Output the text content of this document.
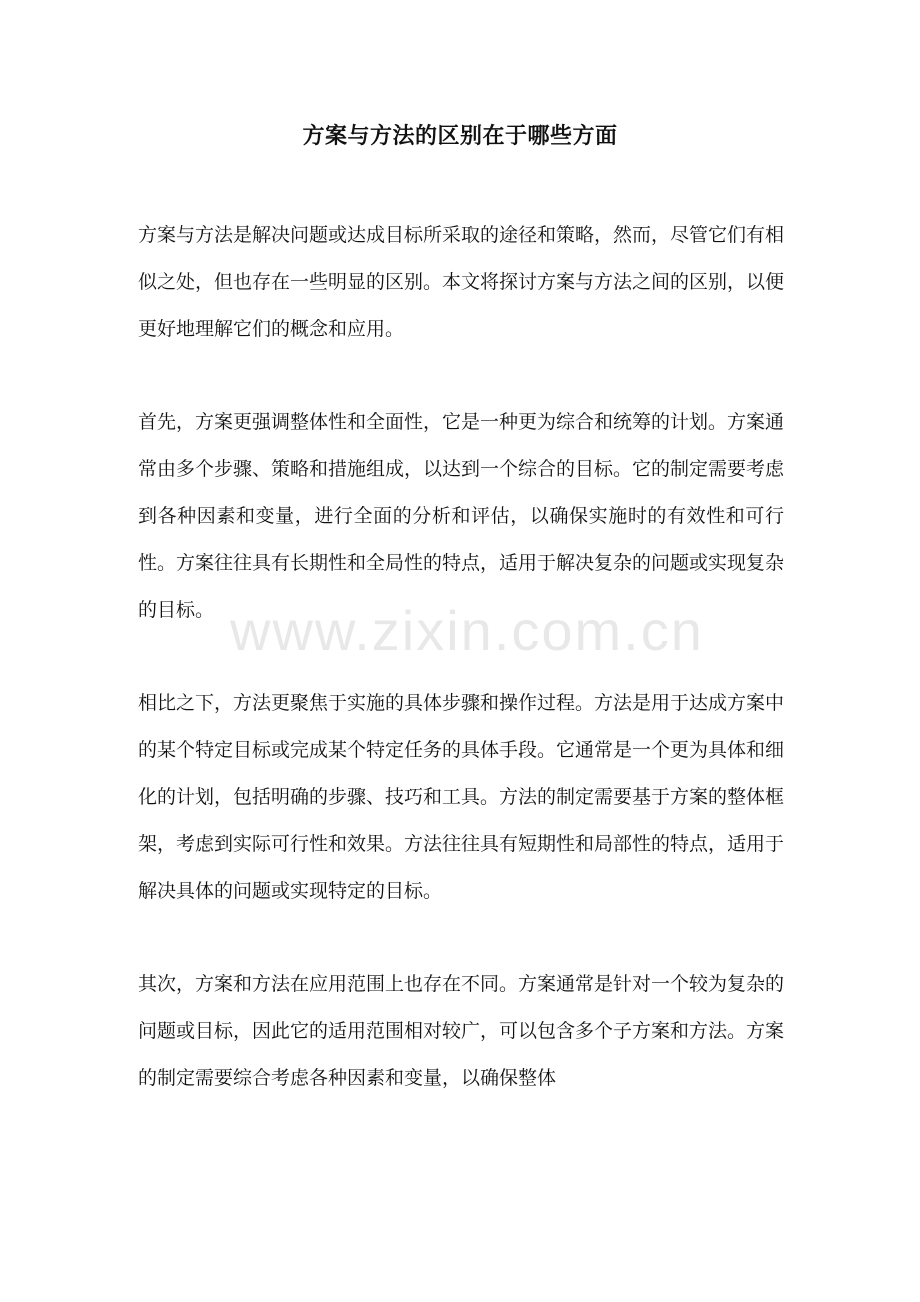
方案与方法的区别在于哪些方面

方案与方法是解决问题或达成目标所采取的途径和策略，然而，尽管它们有相似之处，但也存在一些明显的区别。本文将探讨方案与方法之间的区别，以便更好地理解它们的概念和应用。

首先，方案更强调整体性和全面性，它是一种更为综合和统筹的计划。方案通常由多个步骤、策略和措施组成，以达到一个综合的目标。它的制定需要考虑到各种因素和变量，进行全面的分析和评估，以确保实施时的有效性和可行性。方案往往具有长期性和全局性的特点，适用于解决复杂的问题或实现复杂的目标。

相比之下，方法更聚焦于实施的具体步骤和操作过程。方法是用于达成方案中的某个特定目标或完成某个特定任务的具体手段。它通常是一个更为具体和细化的计划，包括明确的步骤、技巧和工具。方法的制定需要基于方案的整体框架，考虑到实际可行性和效果。方法往往具有短期性和局部性的特点，适用于解决具体的问题或实现特定的目标。

其次，方案和方法在应用范围上也存在不同。方案通常是针对一个较为复杂的问题或目标，因此它的适用范围相对较广，可以包含多个子方案和方法。方案的制定需要综合考虑各种因素和变量，以确保整体

www.zixin.com.cn
